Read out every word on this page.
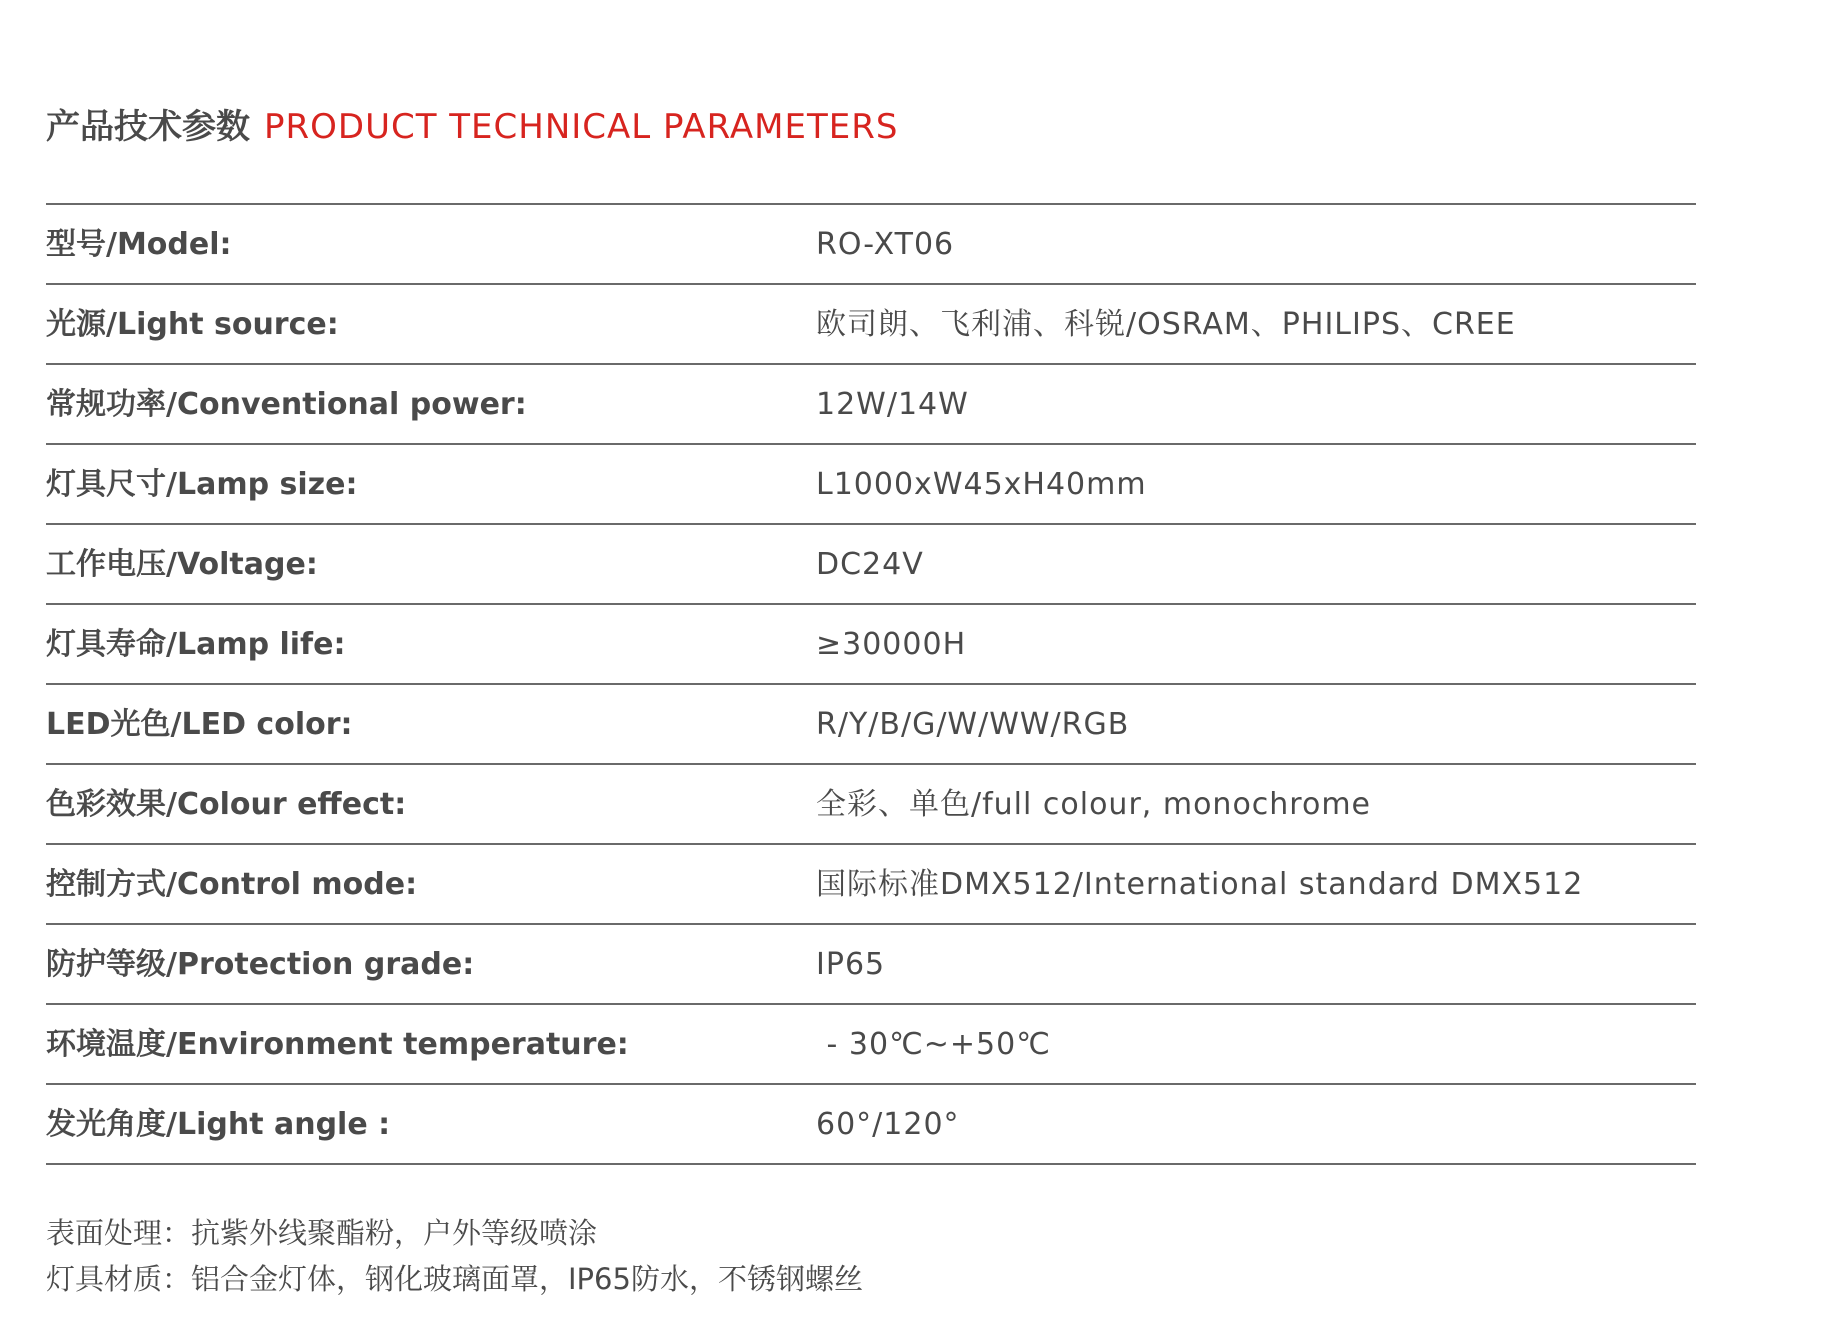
产品技术参数 PRODUCT TECHNICAL PARAMETERS
型号/Model:	RO-XT06
光源/Light source:	欧司朗、飞利浦、科锐/OSRAM、PHILIPS、CREE
常规功率/Conventional power:	12W/14W
灯具尺寸/Lamp size:	L1000xW45xH40mm
工作电压/Voltage:	DC24V
灯具寿命/Lamp life:	≥30000H
LED光色/LED color:	R/Y/B/G/W/WW/RGB
色彩效果/Colour effect:	全彩、单色/full colour, monochrome
控制方式/Control mode:	国际标准DMX512/International standard DMX512
防护等级/Protection grade:	IP65
环境温度/Environment temperature:	- 30℃~+50℃
发光角度/Light angle :	60°/120°
表面处理：抗紫外线聚酯粉，户外等级喷涂
灯具材质：铝合金灯体，钢化玻璃面罩，IP65防水，不锈钢螺丝
